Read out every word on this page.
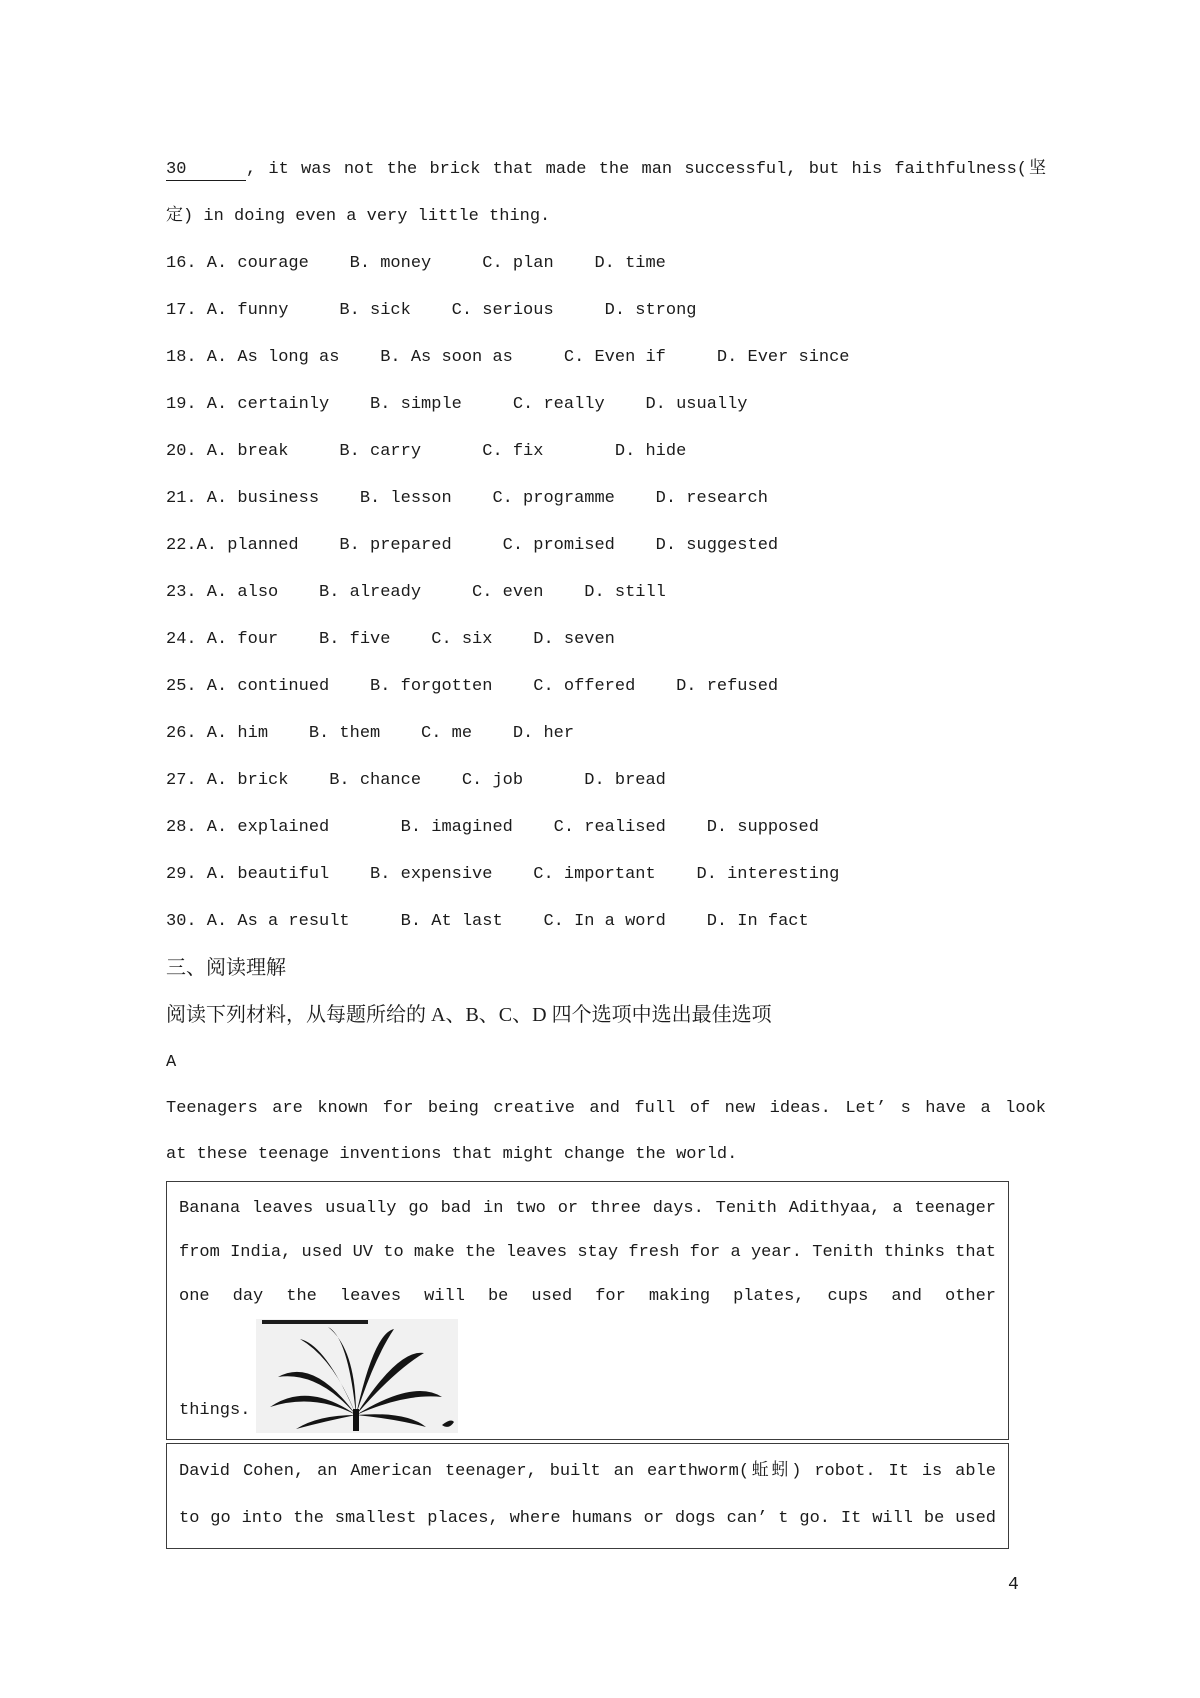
30	, it was not the brick that made the man successful, but his faithfulness(坚
定) in doing even a very little thing.
16. A. courage    B. money     C. plan    D. time
17. A. funny     B. sick    C. serious     D. strong
18. A. As long as    B. As soon as     C. Even if     D. Ever since
19. A. certainly    B. simple     C. really    D. usually
20. A. break     B. carry      C. fix       D. hide
21. A. business    B. lesson    C. programme    D. research
22.A. planned    B. prepared     C. promised    D. suggested
23. A. also    B. already     C. even    D. still
24. A. four    B. five    C. six    D. seven
25. A. continued    B. forgotten    C. offered    D. refused
26. A. him    B. them    C. me    D. her
27. A. brick    B. chance    C. job      D. bread
28. A. explained       B. imagined    C. realised    D. supposed
29. A. beautiful    B. expensive    C. important    D. interesting
30. A. As a result     B. At last    C. In a word    D. In fact
三、阅读理解
阅读下列材料，从每题所给的 A、B、C、D 四个选项中选出最佳选项
A
Teenagers are known for being creative and full of new ideas. Let’ s have a look
at these teenage inventions that might change the world.
Banana leaves usually go bad in two or three days. Tenith Adithyaa, a teenager
from India, used UV to make the leaves stay fresh for a year. Tenith thinks that
one day the leaves will be used for making plates, cups and other
things.
David Cohen, an American teenager, built an earthworm(蚯蚓) robot. It is able
to go into the smallest places, where humans or dogs can’ t go. It will be used
4
